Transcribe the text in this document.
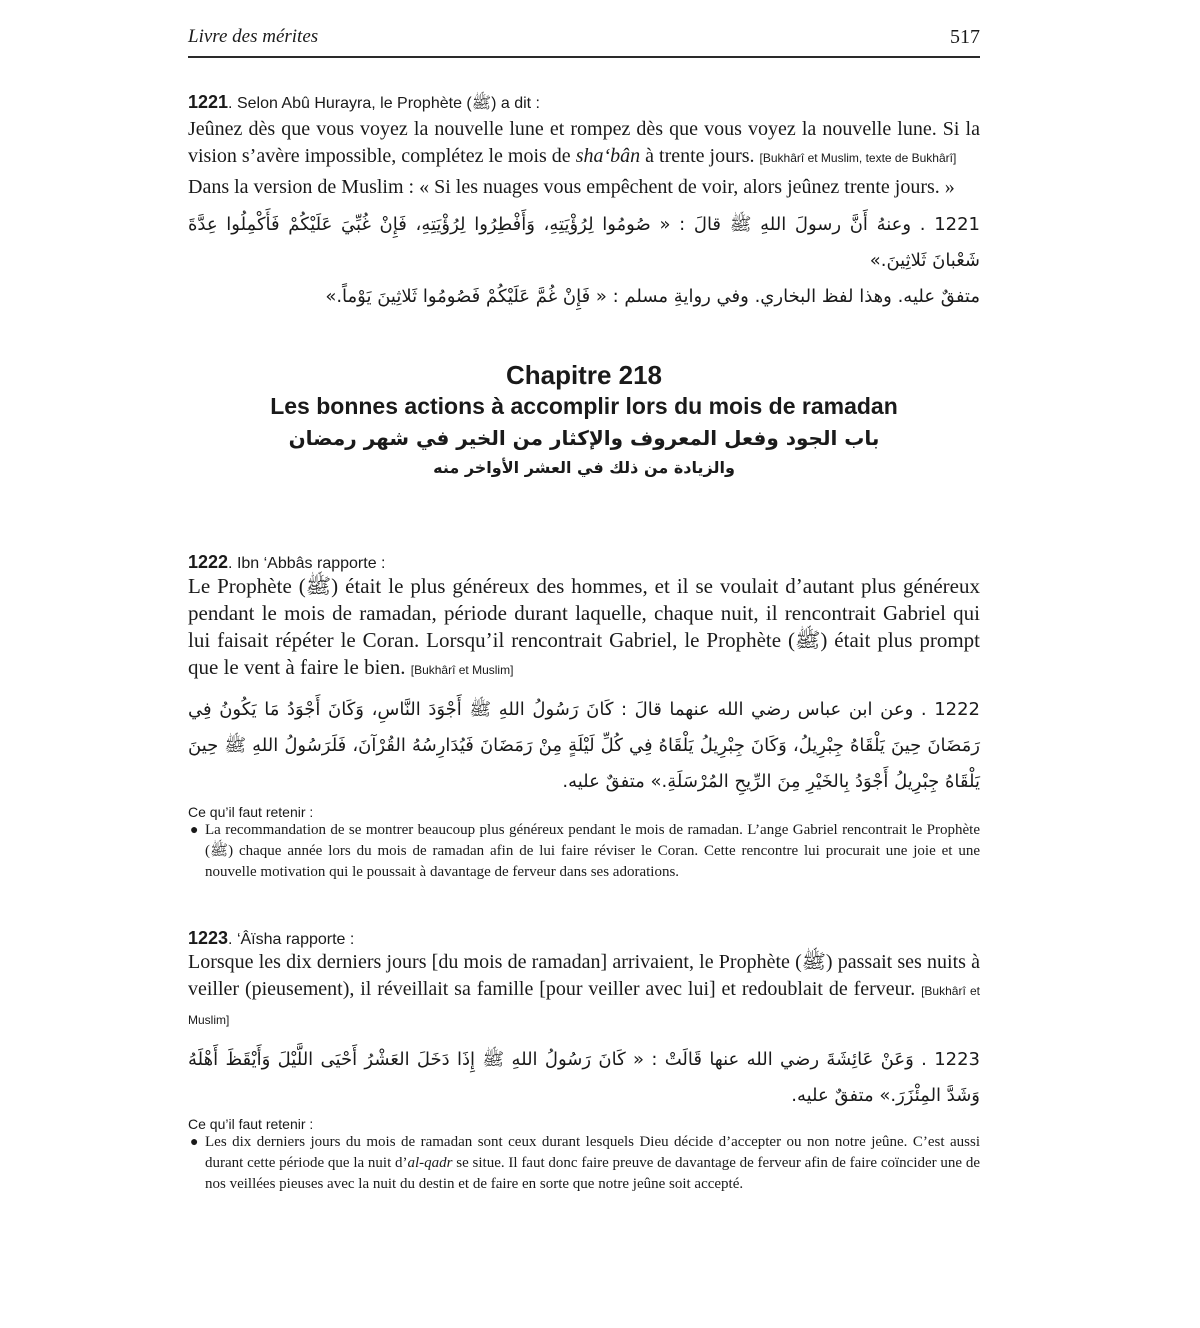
Livre des mérites	517
1221. Selon Abû Hurayra, le Prophète (ﷺ) a dit :
Jeûnez dès que vous voyez la nouvelle lune et rompez dès que vous voyez la nouvelle lune. Si la vision s’avère impossible, complétez le mois de sha‘bân à trente jours. [Bukhârî et Muslim, texte de Bukhârî]
Dans la version de Muslim : « Si les nuages vous empêchent de voir, alors jeûnez trente jours. »
1221 . وعنهُ أَنَّ رسولَ اللهِ ﷺ قالَ : « صُومُوا لِرُؤْيَتِهِ، وَأَفْطِرُوا لِرُؤْيَتِهِ، فَإِنْ غُبِّيَ عَلَيْكُمْ فَأَكْمِلُوا عِدَّةَ شَعْبانَ ثَلاثِينَ.»
متفقٌ عليه. وهذا لفظ البخاري. وفي روايةِ مسلم : « فَإِنْ غُمَّ عَلَيْكُمْ فَصُومُوا ثَلاثِينَ يَوْماً.»
Chapitre 218
Les bonnes actions à accomplir lors du mois de ramadan
باب الجود وفعل المعروف والإكثار من الخير في شهر رمضان
والزيادة من ذلك في العشر الأواخر منه
1222. Ibn ‘Abbâs rapporte :
Le Prophète (ﷺ) était le plus généreux des hommes, et il se voulait d’autant plus généreux pendant le mois de ramadan, période durant laquelle, chaque nuit, il rencontrait Gabriel qui lui faisait répéter le Coran. Lorsqu’il rencontrait Gabriel, le Prophète (ﷺ) était plus prompt que le vent à faire le bien. [Bukhârî et Muslim]
1222 . وعن ابن عباس رضي الله عنهما قالَ : كَانَ رَسُولُ اللهِ ﷺ أَجْوَدَ النَّاسِ، وَكَانَ أَجْوَدُ مَا يَكُونُ فِي رَمَضَانَ حِينَ يَلْقَاهُ جِبْرِيلُ، وَكَانَ جِبْرِيلُ يَلْقَاهُ فِي كُلِّ لَيْلَةٍ مِنْ رَمَضَانَ فَيُدَارِسُهُ القُرْآنَ، فَلَرَسُولُ اللهِ ﷺ حِينَ يَلْقَاهُ جِبْرِيلُ أَجْوَدُ بِالخَيْرِ مِنَ الرِّيحِ المُرْسَلَةِ.» متفقٌ عليه.
Ce qu’il faut retenir :
● La recommandation de se montrer beaucoup plus généreux pendant le mois de ramadan. L’ange Gabriel rencontrait le Prophète (ﷺ) chaque année lors du mois de ramadan afin de lui faire réviser le Coran. Cette rencontre lui procurait une joie et une nouvelle motivation qui le poussait à davantage de ferveur dans ses adorations.
1223. ‘Âïsha rapporte :
Lorsque les dix derniers jours [du mois de ramadan] arrivaient, le Prophète (ﷺ) passait ses nuits à veiller (pieusement), il réveillait sa famille [pour veiller avec lui] et redoublait de ferveur. [Bukhârî et Muslim]
1223 . وَعَنْ عَائِشَةَ رضي الله عنها قَالَتْ : « كَانَ رَسُولُ اللهِ ﷺ إِذَا دَخَلَ العَشْرُ أَحْيَى اللَّيْلَ وَأَيْقَظَ أَهْلَهُ وَشَدَّ المِئْزَرَ.» متفقٌ عليه.
Ce qu’il faut retenir :
● Les dix derniers jours du mois de ramadan sont ceux durant lesquels Dieu décide d’accepter ou non notre jeûne. C’est aussi durant cette période que la nuit d’al-qadr se situe. Il faut donc faire preuve de davantage de ferveur afin de faire coïncider une de nos veillées pieuses avec la nuit du destin et de faire en sorte que notre jeûne soit accepté.
